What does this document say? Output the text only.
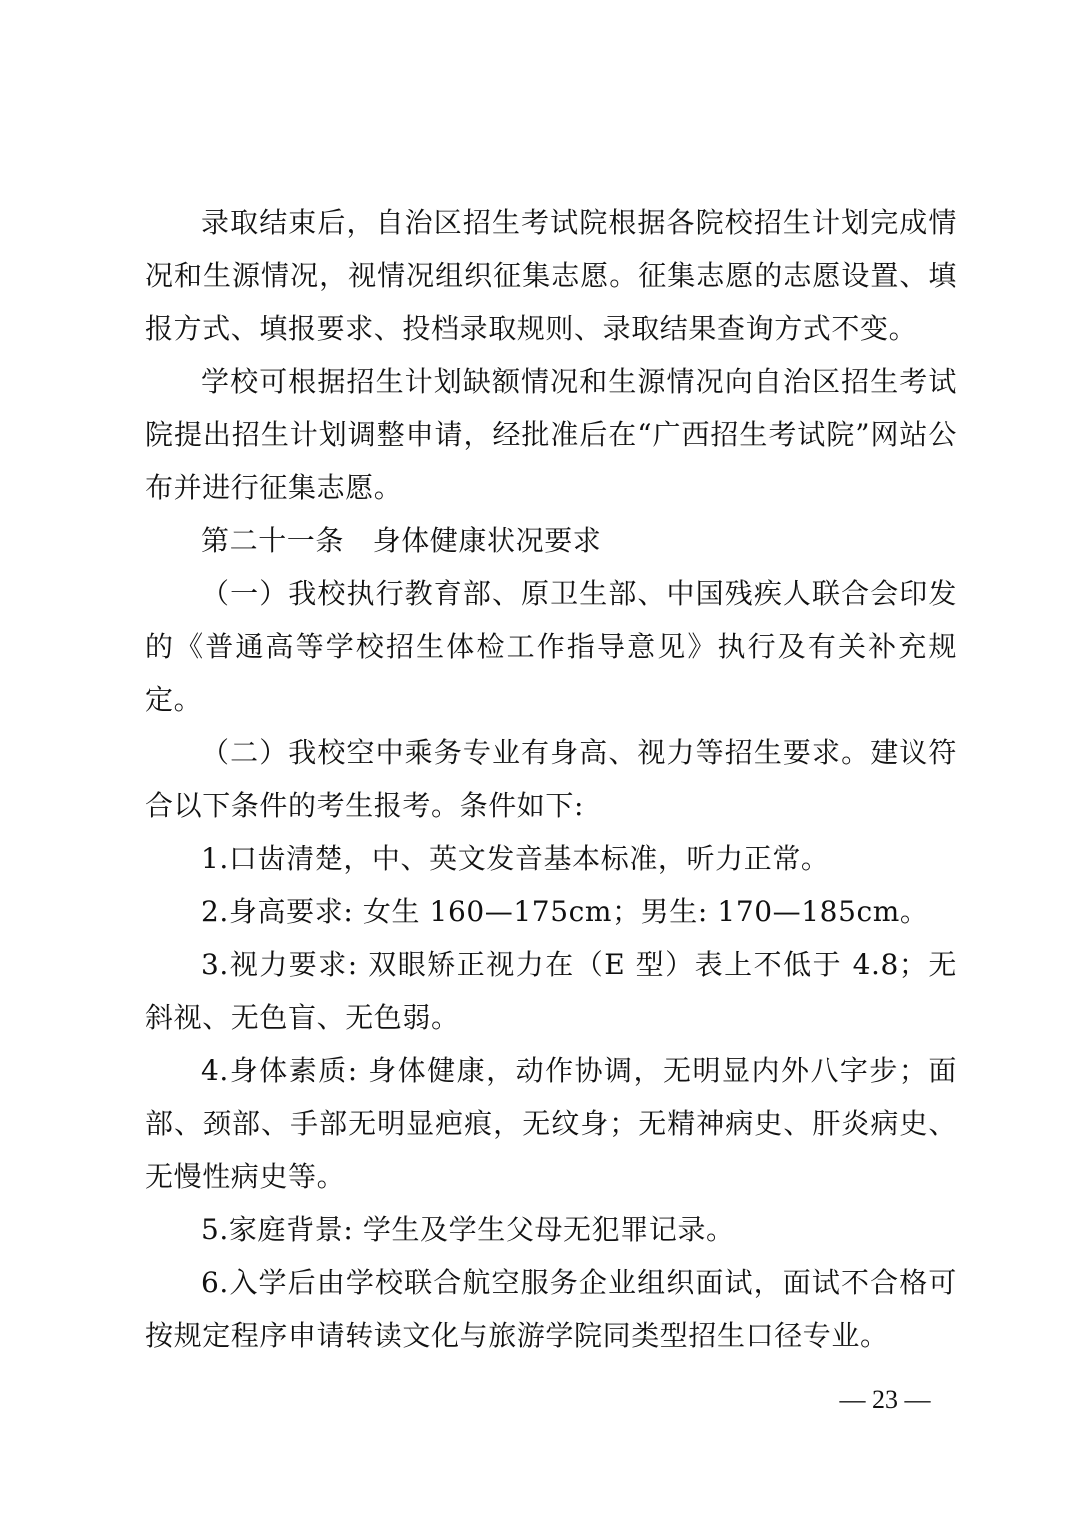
录取结束后，自治区招生考试院根据各院校招生计划完成情况和生源情况，视情况组织征集志愿。征集志愿的志愿设置、填报方式、填报要求、投档录取规则、录取结果查询方式不变。

学校可根据招生计划缺额情况和生源情况向自治区招生考试院提出招生计划调整申请，经批准后在“广西招生考试院”网站公布并进行征集志愿。

第二十一条　身体健康状况要求

（一）我校执行教育部、原卫生部、中国残疾人联合会印发的《普通高等学校招生体检工作指导意见》执行及有关补充规定。

（二）我校空中乘务专业有身高、视力等招生要求。建议符合以下条件的考生报考。条件如下:

1.口齿清楚，中、英文发音基本标准，听力正常。

2.身高要求: 女生 160—175cm；男生: 170—185cm。

3.视力要求: 双眼矫正视力在（E 型）表上不低于 4.8；无斜视、无色盲、无色弱。

4.身体素质: 身体健康，动作协调，无明显内外八字步；面部、颈部、手部无明显疤痕，无纹身；无精神病史、肝炎病史、无慢性病史等。

5.家庭背景: 学生及学生父母无犯罪记录。

6.入学后由学校联合航空服务企业组织面试，面试不合格可按规定程序申请转读文化与旅游学院同类型招生口径专业。

— 23 —
